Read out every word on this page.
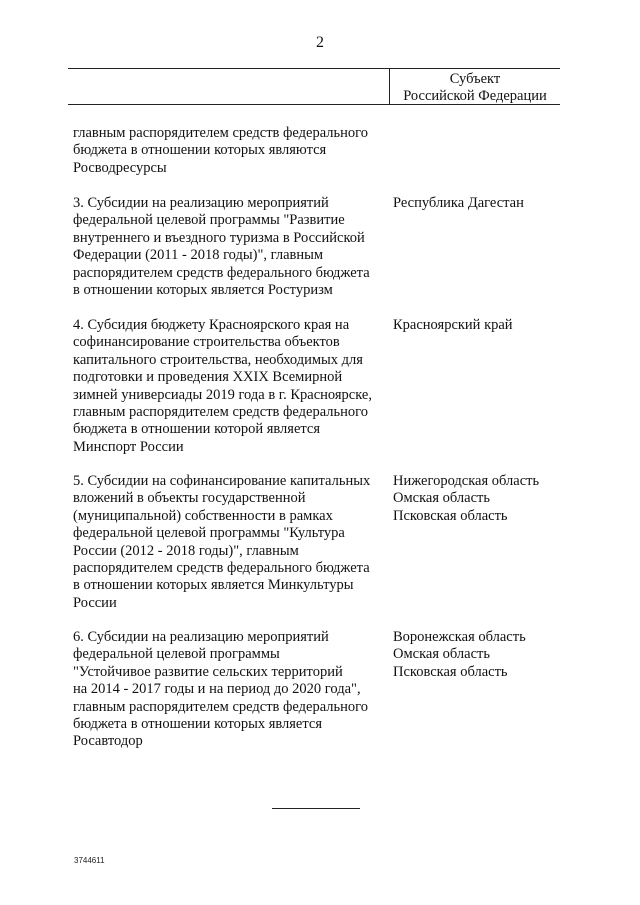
2
Субъект
Российской Федерации
главным распорядителем средств федерального
бюджета в отношении которых являются
Росводресурсы
3. Субсидии на реализацию мероприятий
федеральной целевой программы "Развитие
внутреннего и въездного туризма в Российской
Федерации (2011 - 2018 годы)", главным
распорядителем средств федерального бюджета
в отношении которых является Ростуризм
Республика Дагестан
4. Субсидия бюджету Красноярского края на
софинансирование строительства объектов
капитального строительства, необходимых для
подготовки и проведения XXIX Всемирной
зимней универсиады 2019 года в г. Красноярске,
главным распорядителем средств федерального
бюджета в отношении которой является
Минспорт России
Красноярский край
5. Субсидии на софинансирование капитальных
вложений в объекты государственной
(муниципальной) собственности в рамках
федеральной целевой программы "Культура
России (2012 - 2018 годы)", главным
распорядителем средств федерального бюджета
в отношении которых является Минкультуры
России
Нижегородская область
Омская область
Псковская область
6. Субсидии на реализацию мероприятий
федеральной целевой программы
"Устойчивое развитие сельских территорий
на 2014 - 2017 годы и на период до 2020 года",
главным распорядителем средств федерального
бюджета в отношении которых является
Росавтодор
Воронежская область
Омская область
Псковская область
3744611
